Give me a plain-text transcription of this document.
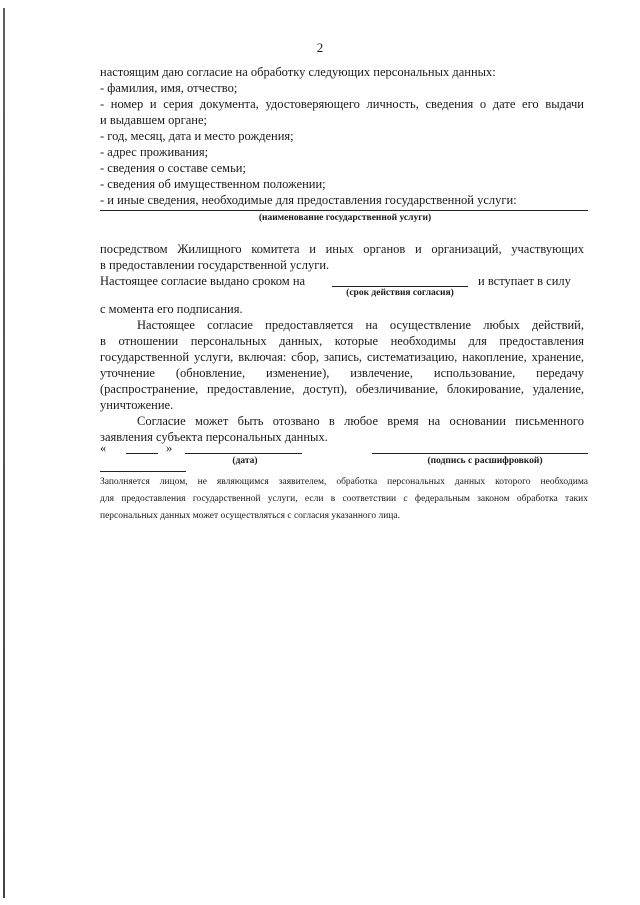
2
настоящим даю согласие на обработку следующих персональных данных:
- фамилия, имя, отчество;
- номер и серия документа, удостоверяющего личность, сведения о дате его выдачи
и выдавшем органе;
- год, месяц, дата и место рождения;
- адрес проживания;
- сведения о составе семьи;
- сведения об имущественном положении;
- и иные сведения, необходимые для предоставления государственной услуги:
(наименование государственной услуги)
посредством Жилищного комитета и иных органов и организаций, участвующих
в предоставлении государственной услуги.
Настоящее согласие выдано сроком на	и вступает в силу
(срок действия согласия)
с момента его подписания.
Настоящее согласие предоставляется на осуществление любых действий,
в отношении персональных данных, которые необходимы для предоставления
государственной услуги, включая: сбор, запись, систематизацию, накопление, хранение,
уточнение (обновление, изменение), извлечение, использование, передачу
(распространение, предоставление, доступ), обезличивание, блокирование, удаление,
уничтожение.
Согласие может быть отозвано в любое время на основании письменного
заявления субъекта персональных данных.
«	»
(дата)	(подпись с расшифровкой)
Заполняется лицом, не являющимся заявителем, обработка персональных данных которого необходима
для предоставления государственной услуги, если в соответствии с федеральным законом обработка таких
персональных данных может осуществляться с согласия указанного лица.
